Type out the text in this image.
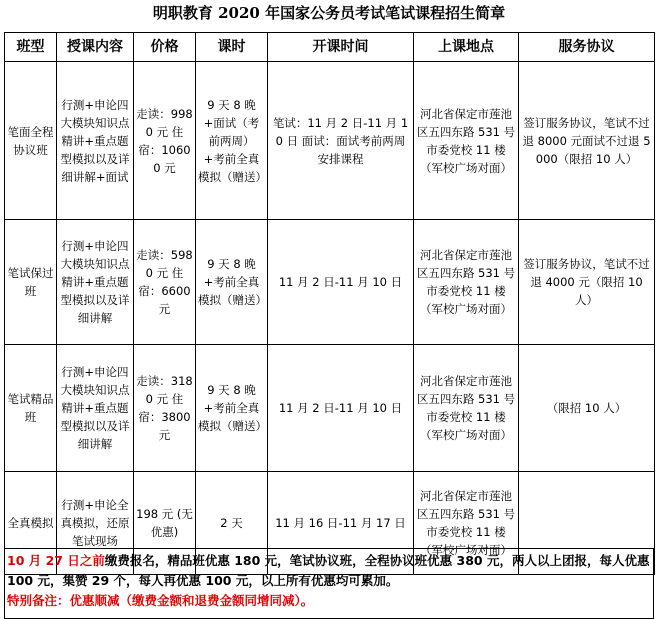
明职教育 2020 年国家公务员考试笔试课程招生简章
班型	授课内容	价格	课时	开课时间	上课地点	服务协议
笔面全程协议班	行测+申论四大模块知识点精讲+重点题型模拟以及详细讲解+面试	走读：9980 元 住宿：10600 元	9 天 8 晚+面试（考前两周）+考前全真模拟（赠送）	笔试：11 月 2 日-11 月 10 日 面试：面试考前两周安排课程	河北省保定市莲池区五四东路 531 号 市委党校 11 楼（军校广场对面）	签订服务协议，笔试不过退 8000 元面试不过退 5000（限招 10 人）
笔试保过班	行测+申论四大模块知识点精讲+重点题型模拟以及详细讲解	走读：5980 元 住宿：6600 元	9 天 8 晚+考前全真模拟（赠送）	11 月 2 日-11 月 10 日	河北省保定市莲池区五四东路 531 号 市委党校 11 楼（军校广场对面）	签订服务协议，笔试不过退 4000 元（限招 10 人）
笔试精品班	行测+申论四大模块知识点精讲+重点题型模拟以及详细讲解	走读：3180 元 住宿：3800 元	9 天 8 晚+考前全真模拟（赠送）	11 月 2 日-11 月 10 日	河北省保定市莲池区五四东路 531 号 市委党校 11 楼（军校广场对面）	（限招 10 人）
全真模拟	行测+申论全真模拟，还原笔试现场	198 元 (无优惠)	2 天	11 月 16 日-11 月 17 日	河北省保定市莲池区五四东路 531 号 市委党校 11 楼（军校广场对面）	
10 月 27 日之前缴费报名，精品班优惠 180 元，笔试协议班，全程协议班优惠 380 元，两人以上团报，每人优惠 100 元，集赞 29 个，每人再优惠 100 元，以上所有优惠均可累加。
特别备注：优惠顺减（缴费金额和退费金额同增同减）。
